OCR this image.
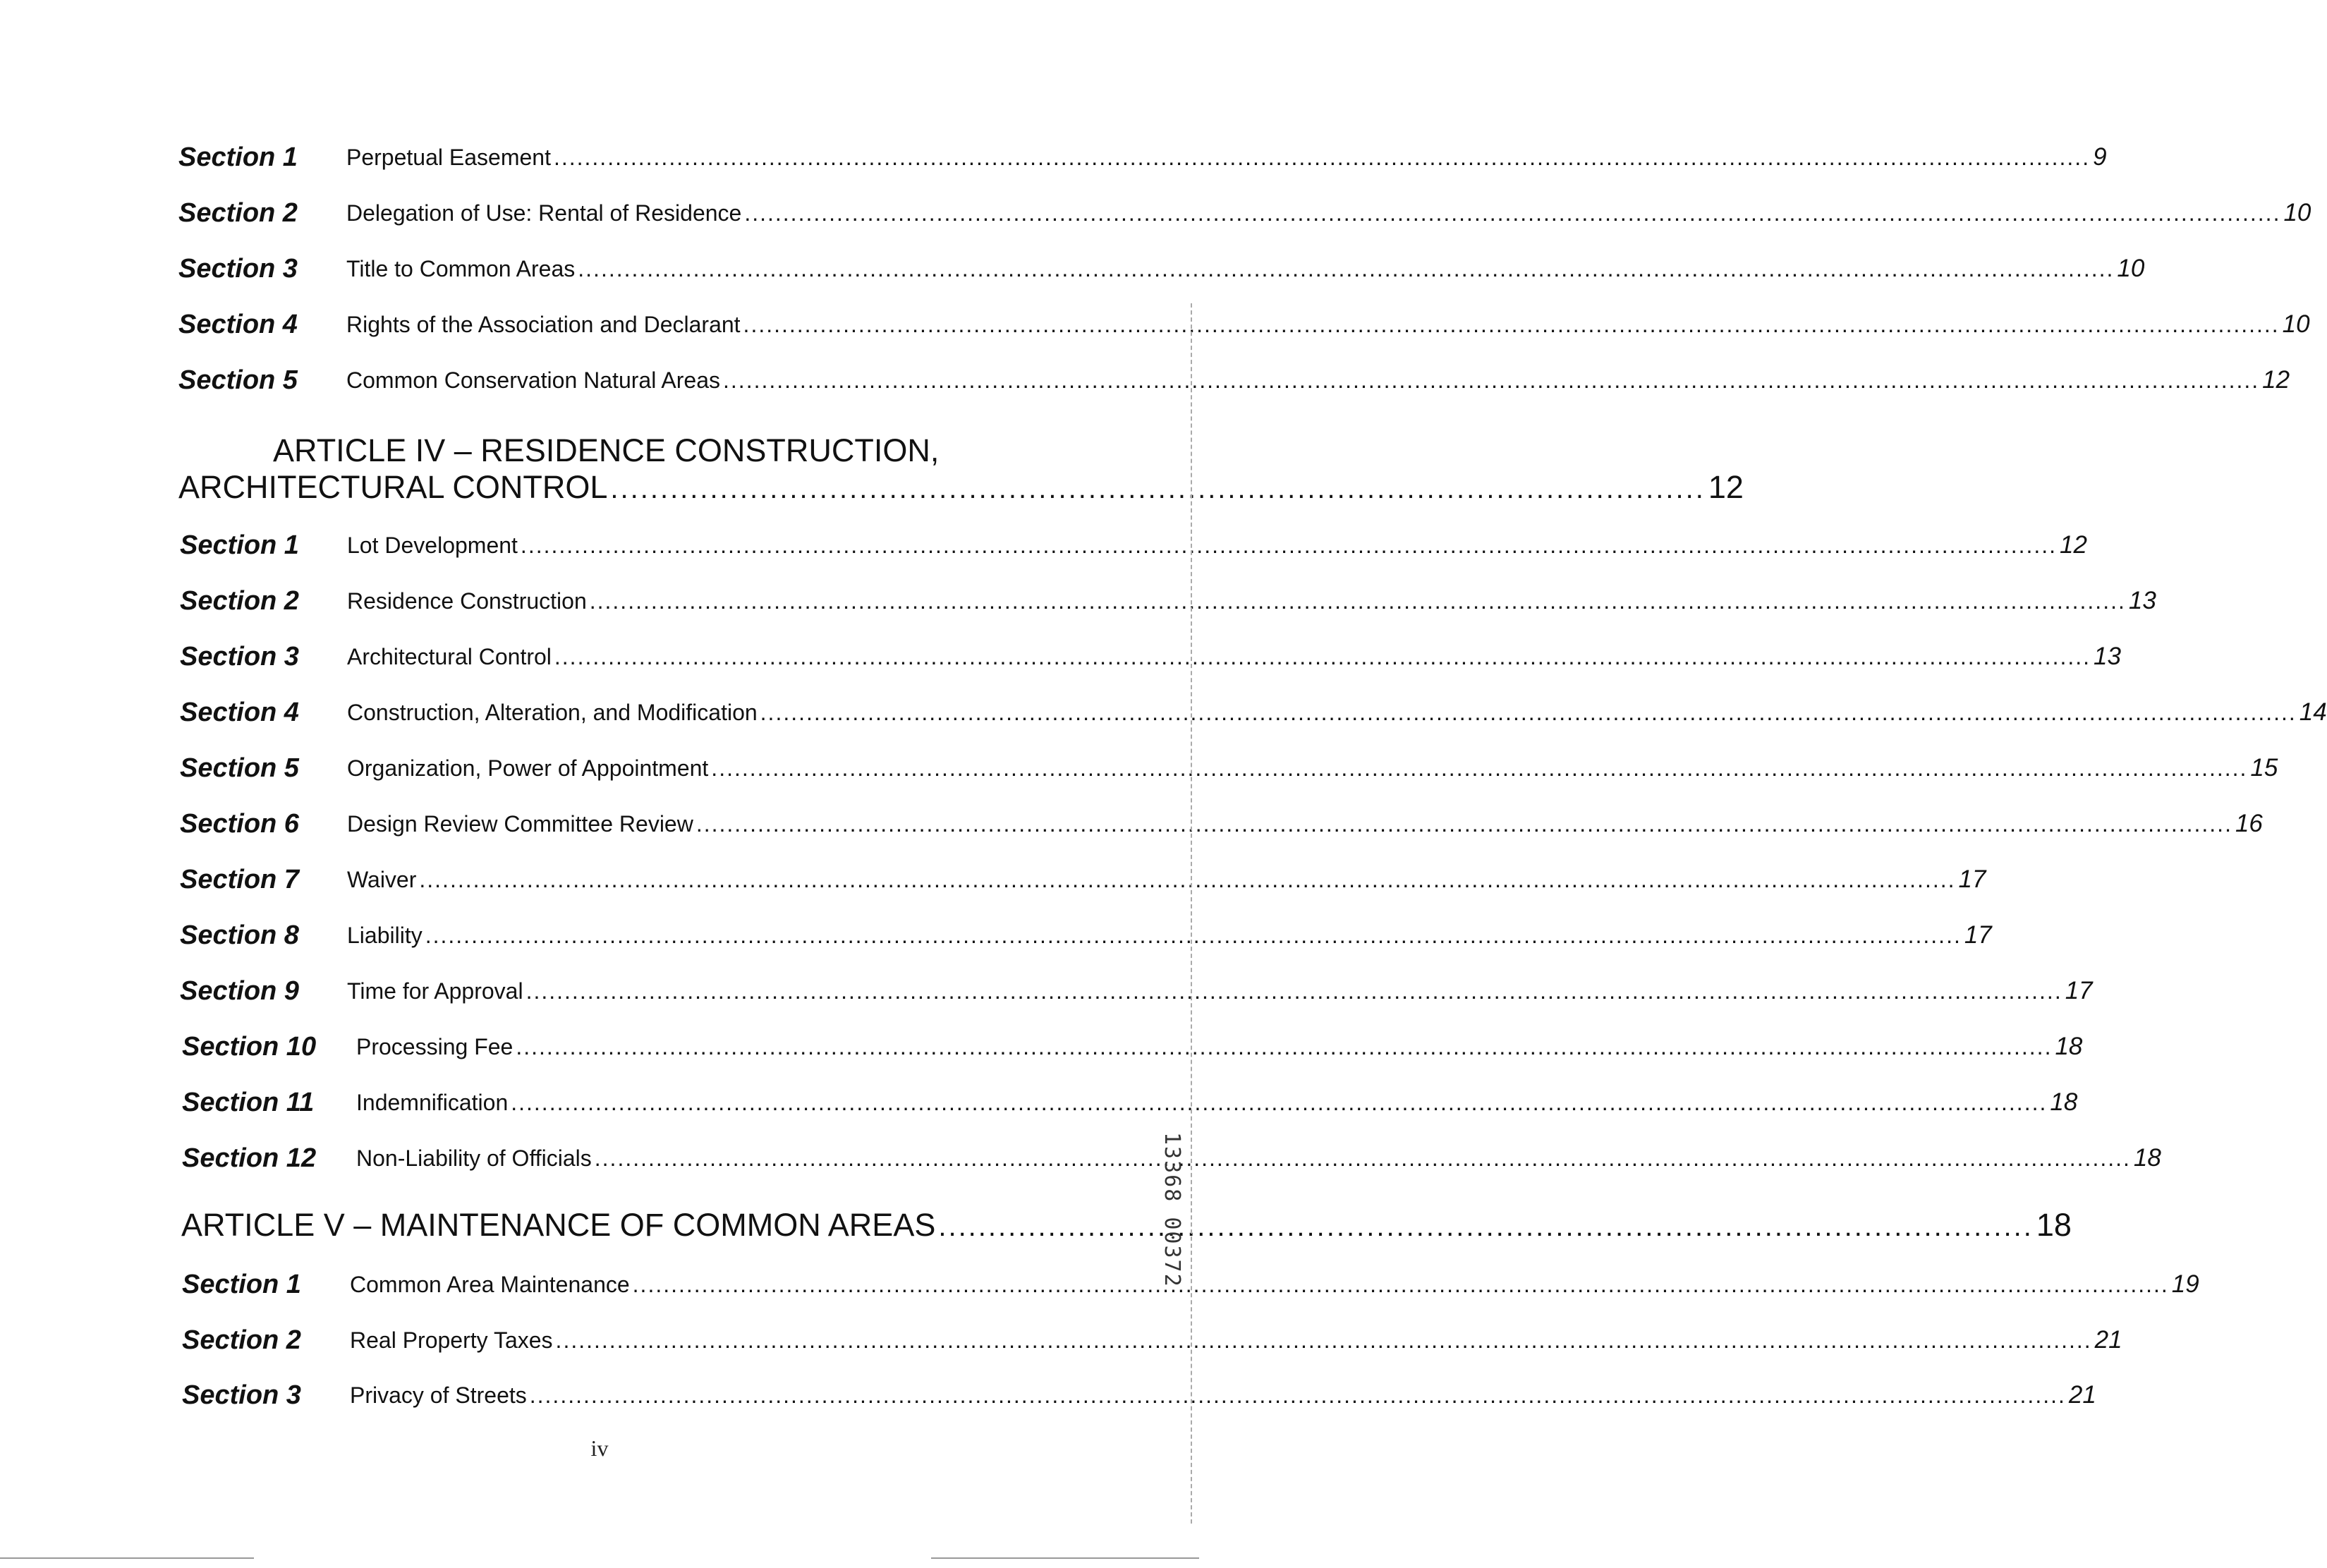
Section 1 Perpetual Easement ........................................................................................................................................................................................................ 9
Section 2 Delegation of Use: Rental of Residence ........................................................................................................................................................................................................ 10
Section 3 Title to Common Areas ........................................................................................................................................................................................................ 10
Section 4 Rights of the Association and Declarant ........................................................................................................................................................................................................ 10
Section 5 Common Conservation Natural Areas ........................................................................................................................................................................................................ 12
ARTICLE IV – RESIDENCE CONSTRUCTION,
ARCHITECTURAL CONTROL .............................................................................................................. 12
Section 1 Lot Development ........................................................................................................................................................................................................ 12
Section 2 Residence Construction ........................................................................................................................................................................................................ 13
Section 3 Architectural Control ........................................................................................................................................................................................................ 13
Section 4 Construction, Alteration, and Modification ........................................................................................................................................................................................................ 14
Section 5 Organization, Power of Appointment ........................................................................................................................................................................................................ 15
Section 6 Design Review Committee Review ........................................................................................................................................................................................................ 16
Section 7 Waiver ........................................................................................................................................................................................................ 17
Section 8 Liability ........................................................................................................................................................................................................ 17
Section 9 Time for Approval ........................................................................................................................................................................................................ 17
Section 10 Processing Fee ........................................................................................................................................................................................................ 18
Section 11 Indemnification ........................................................................................................................................................................................................ 18
Section 12 Non-Liability of Officials ........................................................................................................................................................................................................ 18
ARTICLE V – MAINTENANCE OF COMMON AREAS .............................................................................................................. 18
Section 1 Common Area Maintenance ........................................................................................................................................................................................................ 19
Section 2 Real Property Taxes ........................................................................................................................................................................................................ 21
Section 3 Privacy of Streets ........................................................................................................................................................................................................ 21
iv
13368 00372
